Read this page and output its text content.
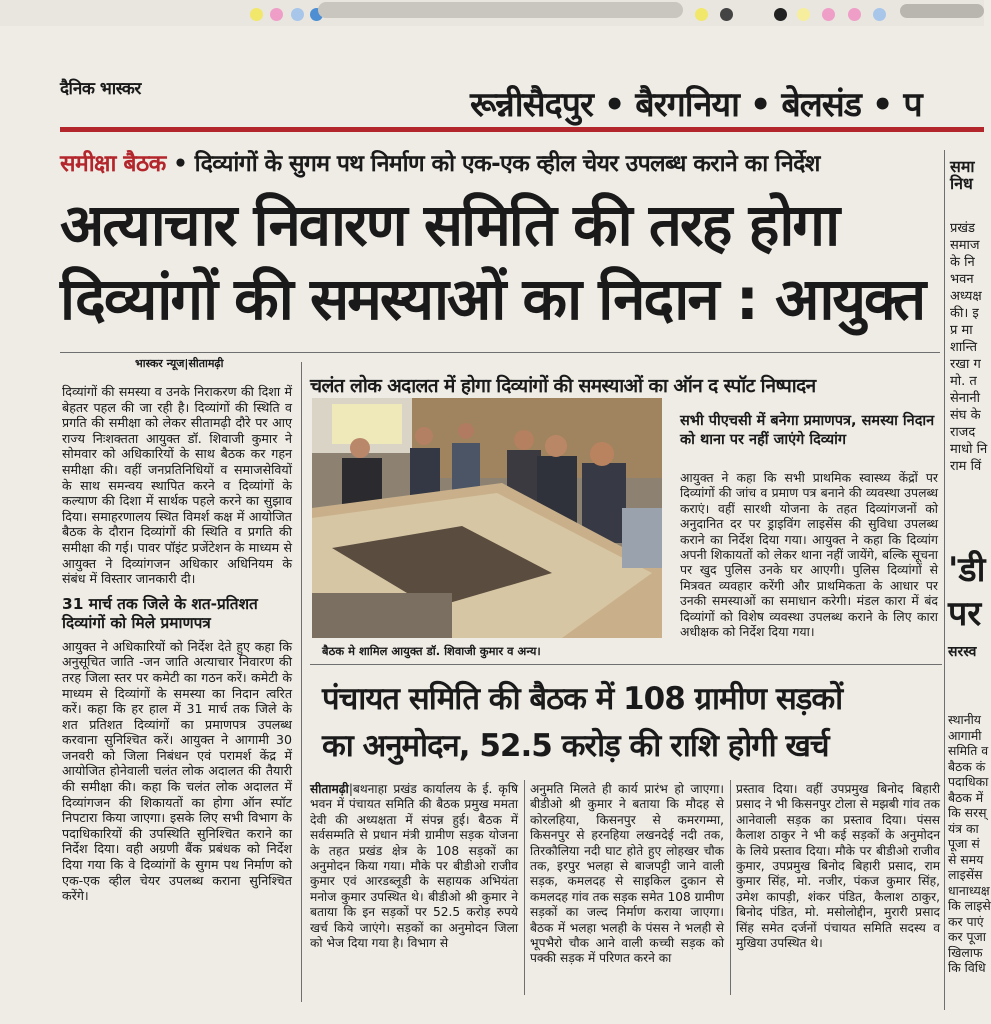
दैनिक भास्कर	रून्नीसैदपुर • बैरगनिया • बेलसंड • प
समीक्षा बैठक • दिव्यांगों के सुगम पथ निर्माण को एक-एक व्हील चेयर उपलब्ध कराने का निर्देश
अत्याचार निवारण समिति की तरह होगा
दिव्यांगों की समस्याओं का निदान : आयुक्त
भास्कर न्यूज|सीतामढ़ी
दिव्यांगों की समस्या व उनके निराकरण की दिशा में बेहतर पहल की जा रही है। दिव्यांगों की स्थिति व प्रगति की समीक्षा को लेकर सीतामढ़ी दौरे पर आए राज्य निःशक्तता आयुक्त डॉ. शिवाजी कुमार ने सोमवार को अधिकारियों के साथ बैठक कर गहन समीक्षा की। वहीं जनप्रतिनिधियों व समाजसेवियों के साथ समन्वय स्थापित करने व दिव्यांगों के कल्याण की दिशा में सार्थक पहले करने का सुझाव दिया। समाहरणालय स्थित विमर्श कक्ष में आयोजित बैठक के दौरान दिव्यांगों की स्थिति व प्रगति की समीक्षा की गई। पावर पॉइंट प्रजेंटेशन के माध्यम से आयुक्त ने दिव्यांगजन अधिकार अधिनियम के संबंध में विस्तार जानकारी दी।
31 मार्च तक जिले के शत-प्रतिशत दिव्यांगों को मिले प्रमाणपत्र
आयुक्त ने अधिकारियों को निर्देश देते हुए कहा कि अनुसूचित जाति -जन जाति अत्याचार निवारण की तरह जिला स्तर पर कमेटी का गठन करें। कमेटी के माध्यम से दिव्यांगों के समस्या का निदान त्वरित करें। कहा कि हर हाल में 31 मार्च तक जिले के शत प्रतिशत दिव्यांगों का प्रमाणपत्र उपलब्ध करवाना सुनिश्चित करें। आयुक्त ने आगामी 30 जनवरी को जिला निबंधन एवं परामर्श केंद्र में आयोजित होनेवाली चलंत लोक अदालत की तैयारी की समीक्षा की। कहा कि चलंत लोक अदालत में दिव्यांगजन की शिकायतों का होगा ऑन स्पॉट निपटारा किया जाएगा। इसके लिए सभी विभाग के पदाधिकारियों की उपस्थिति सुनिश्चित कराने का निर्देश दिया। वही अग्रणी बैंक प्रबंधक को निर्देश दिया गया कि वे दिव्यांगों के सुगम पथ निर्माण को एक-एक व्हील चेयर उपलब्ध कराना सुनिश्चित करेंगे।
चलंत लोक अदालत में होगा दिव्यांगों की समस्याओं का ऑन द स्पॉट निष्पादन
बैठक मे शामिल आयुक्त डॉ. शिवाजी कुमार व अन्य।
सभी पीएचसी में बनेगा प्रमाणपत्र, समस्या निदान को थाना पर नहीं जाएंगे दिव्यांग
आयुक्त ने कहा कि सभी प्राथमिक स्वास्थ्य केंद्रों पर दिव्यांगों की जांच व प्रमाण पत्र बनाने की व्यवस्था उपलब्ध कराएं। वहीं सारथी योजना के तहत दिव्यांगजनों को अनुदानित दर पर ड्राइविंग लाइसेंस की सुविधा उपलब्ध कराने का निर्देश दिया गया। आयुक्त ने कहा कि दिव्यांग अपनी शिकायतों को लेकर थाना नहीं जायेंगे, बल्कि सूचना पर खुद पुलिस उनके घर आएगी। पुलिस दिव्यांगों से मित्रवत व्यवहार करेंगी और प्राथमिकता के आधार पर उनकी समस्याओं का समाधान करेगी। मंडल कारा में बंद दिव्यांगों को विशेष व्यवस्था उपलब्ध कराने के लिए कारा अधीक्षक को निर्देश दिया गया।
पंचायत समिति की बैठक में 108 ग्रामीण सड़कों
का अनुमोदन, 52.5 करोड़ की राशि होगी खर्च
सीतामढ़ी|बथनाहा प्रखंड कार्यालय के ई. कृषि भवन में पंचायत समिति की बैठक प्रमुख ममता देवी की अध्यक्षता में संपन्न हुई। बैठक में सर्वसम्मति से प्रधान मंत्री ग्रामीण सड़क योजना के तहत प्रखंड क्षेत्र के 108 सड़कों का अनुमोदन किया गया। मौके पर बीडीओ राजीव कुमार एवं आरडब्लूडी के सहायक अभियंता मनोज कुमार उपस्थित थे। बीडीओ श्री कुमार ने बताया कि इन सड़कों पर 52.5 करोड़ रुपये खर्च किये जाएंगे। सड़कों का अनुमोदन जिला को भेज दिया गया है। विभाग से
अनुमति मिलते ही कार्य प्रारंभ हो जाएगा। बीडीओ श्री कुमार ने बताया कि मौदह से कोरलहिया, किसनपुर से कमरगम्मा, किसनपुर से हरनहिया लखनदेई नदी तक, तिरकौलिया नदी घाट होते हुए लोहखर चौक तक, इरपुर भलहा से बाजपट्टी जाने वाली सड़क, कमलदह से साइकिल दुकान से कमलदह गांव तक सड़क समेत 108 ग्रामीण सड़कों का जल्द निर्माण कराया जाएगा। बैठक में भलहा भलही के पंसस ने भलही से भूपभैरो चौक आने वाली कच्ची सड़क को पक्की सड़क में परिणत करने का
प्रस्ताव दिया। वहीं उपप्रमुख बिनोद बिहारी प्रसाद ने भी किसनपुर टोला से मझबी गांव तक आनेवाली सड़क का प्रस्ताव दिया। पंसस कैलाश ठाकुर ने भी कई सड़कों के अनुमोदन के लिये प्रस्ताव दिया। मौके पर बीडीओ राजीव कुमार, उपप्रमुख बिनोद बिहारी प्रसाद, राम कुमार सिंह, मो. नजीर, पंकज कुमार सिंह, उमेश कापड़ी, शंकर पंडित, कैलाश ठाकुर, बिनोद पंडित, मो. मसोलोद्दीन, मुरारी प्रसाद सिंह समेत दर्जनों पंचायत समिति सदस्य व मुखिया उपस्थित थे।
समा
निध
प्रखंड
समाज
के नि
भवन
अध्यक्ष
की। इ
प्र मा
शान्ति
रखा ग
मो. त
सेनानी
संघ के
राजद
माधो नि
राम विं
'डी
पर
सरस्व
स्थानीय
आगामी
समिति व
बैठक कं
पदाधिका
बैठक में
कि सरस्
यंत्र का
पूजा सं
से समय
लाइसेंस
धानाध्यक्ष
कि लाइसे
कर पाएं
कर पूजा
खिलाफ
कि विधि
